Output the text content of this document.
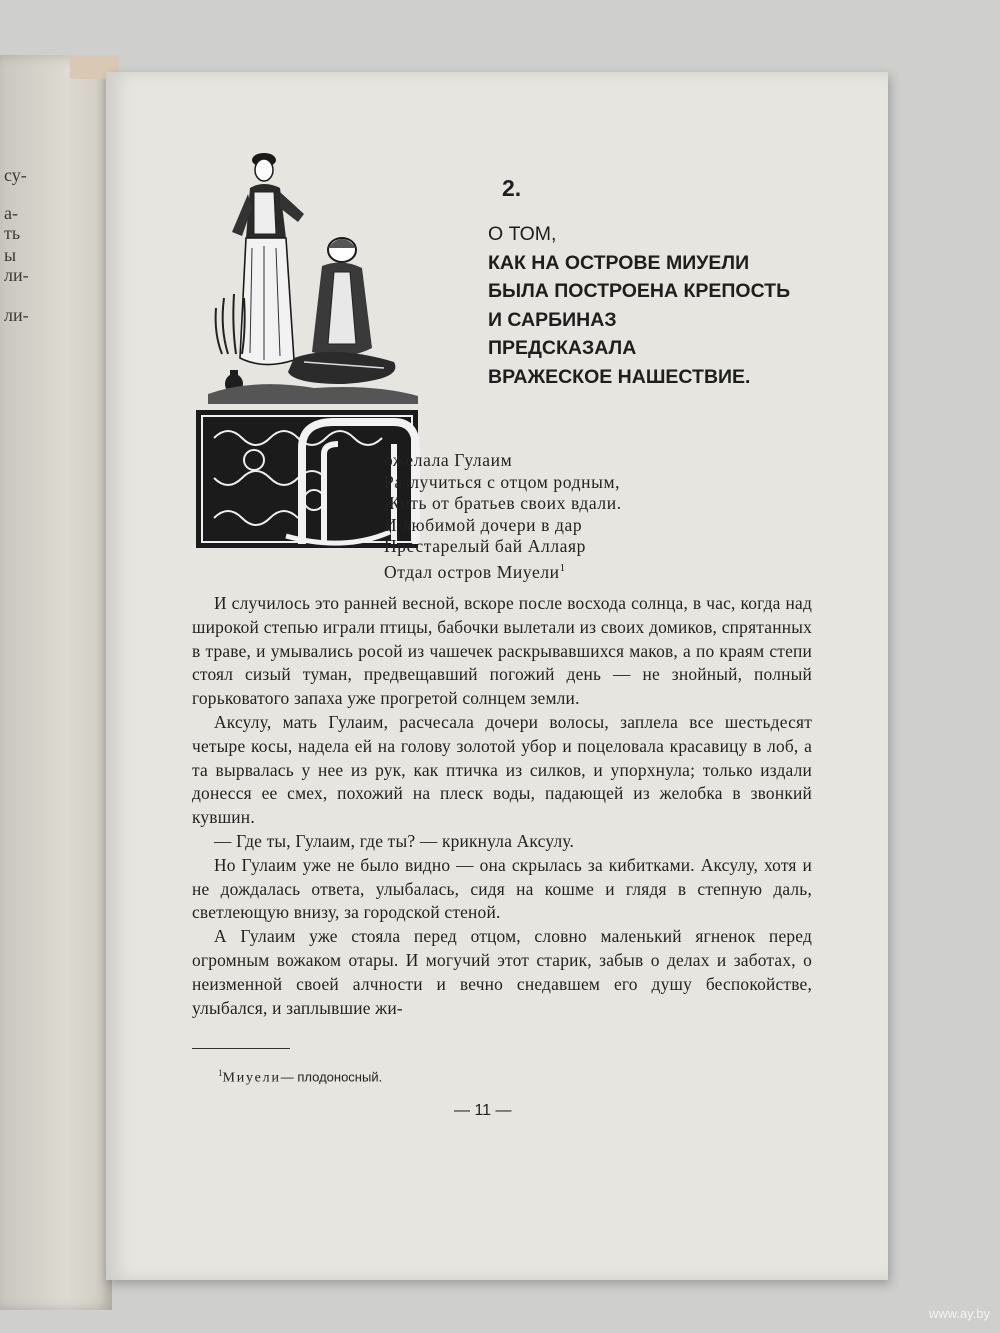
су-
а-
ть
ы
ли-
ли-
2.
О ТОМ,
КАК НА ОСТРОВЕ МИУЕЛИ
БЫЛА ПОСТРОЕНА КРЕПОСТЬ
И САРБИНАЗ
ПРЕДСКАЗАЛА
ВРАЖЕСКОЕ НАШЕСТВИЕ.
ожелала Гулаим
Разлучиться с отцом родным,
Жить от братьев своих вдали.
И любимой дочери в дар
Престарелый бай Аллаяр
Отдал остров Миуели$^1$

И случилось это ранней весной, вскоре после восхода солнца, в час, когда над широкой степью играли птицы, бабочки вылетали из своих домиков, спрятанных в траве, и умывались росой из чашечек раскрывавшихся маков, а по краям степи стоял сизый туман, предвещавший погожий день — не знойный, полный горьковатого запаха уже прогретой солнцем земли.

Аксулу, мать Гулаим, расчесала дочери волосы, заплела все шестьдесят четыре косы, надела ей на голову золотой убор и поцеловала красавицу в лоб, а та вырвалась у нее из рук, как птичка из силков, и упорхнула; только издали донесся ее смех, похожий на плеск воды, падающей из желобка в звонкий кувшин.

— Где ты, Гулаим, где ты? — крикнула Аксулу.

Но Гулаим уже не было видно — она скрылась за кибитками. Аксулу, хотя и не дождалась ответа, улыбалась, сидя на кошме и глядя в степную даль, светлеющую внизу, за городской стеной.

А Гулаим уже стояла перед отцом, словно маленький ягненок перед огромным вожаком отары. И могучий этот старик, забыв о делах и заботах, о неизменной своей алчности и вечно снедавшем его душу беспокойстве, улыбался, и заплывшие жи-

$^1$Миуели— плодоносный.
— 11 —
www.ay.by
